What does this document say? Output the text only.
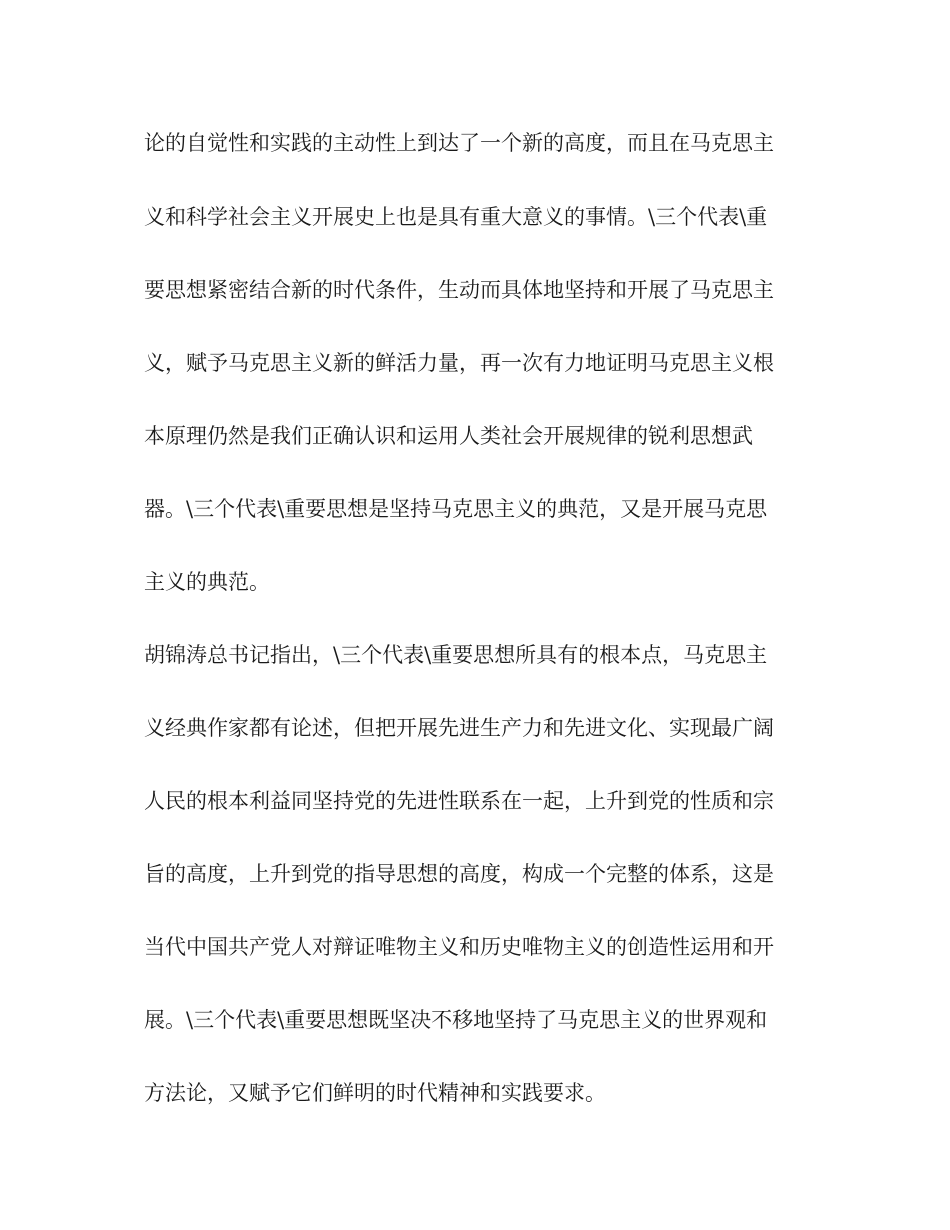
论的自觉性和实践的主动性上到达了一个新的高度，而且在马克思主

义和科学社会主义开展史上也是具有重大意义的事情。\三个代表\重

要思想紧密结合新的时代条件，生动而具体地坚持和开展了马克思主

义，赋予马克思主义新的鲜活力量，再一次有力地证明马克思主义根

本原理仍然是我们正确认识和运用人类社会开展规律的锐利思想武

器。\三个代表\重要思想是坚持马克思主义的典范，又是开展马克思

主义的典范。

胡锦涛总书记指出，\三个代表\重要思想所具有的根本点，马克思主

义经典作家都有论述，但把开展先进生产力和先进文化、实现最广阔

人民的根本利益同坚持党的先进性联系在一起，上升到党的性质和宗

旨的高度，上升到党的指导思想的高度，构成一个完整的体系，这是

当代中国共产党人对辩证唯物主义和历史唯物主义的创造性运用和开

展。\三个代表\重要思想既坚决不移地坚持了马克思主义的世界观和

方法论，又赋予它们鲜明的时代精神和实践要求。
